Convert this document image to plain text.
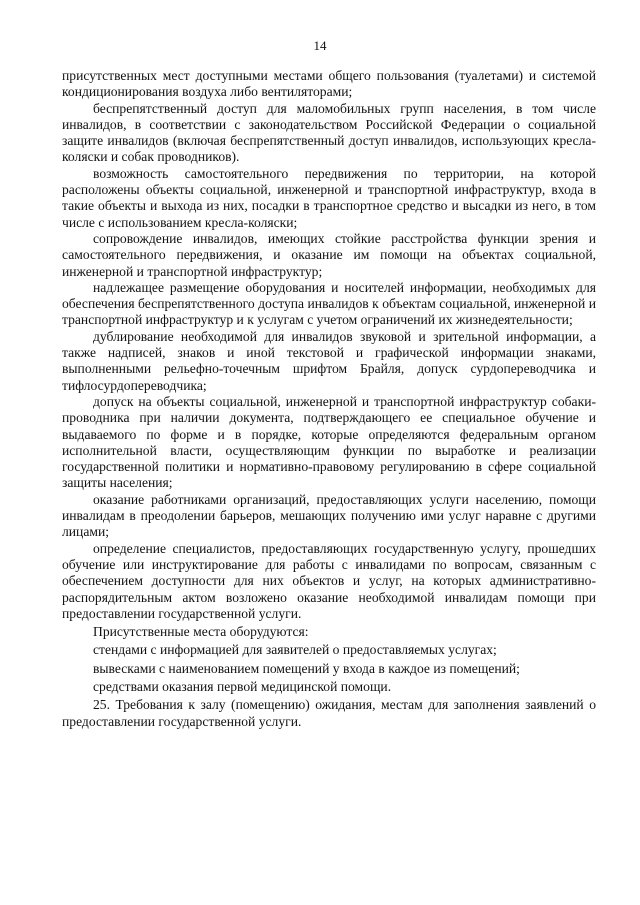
14

присутственных мест доступными местами общего пользования (туалетами) и системой кондиционирования воздуха либо вентиляторами;

беспрепятственный доступ для маломобильных групп населения, в том числе инвалидов, в соответствии с законодательством Российской Федерации о социальной защите инвалидов (включая беспрепятственный доступ инвалидов, использующих кресла-коляски и собак проводников).

возможность самостоятельного передвижения по территории, на которой расположены объекты социальной, инженерной и транспортной инфраструктур, входа в такие объекты и выхода из них, посадки в транспортное средство и высадки из него, в том числе с использованием кресла-коляски;

сопровождение инвалидов, имеющих стойкие расстройства функции зрения и самостоятельного передвижения, и оказание им помощи на объектах социальной, инженерной и транспортной инфраструктур;

надлежащее размещение оборудования и носителей информации, необходимых для обеспечения беспрепятственного доступа инвалидов к объектам социальной, инженерной и транспортной инфраструктур и к услугам с учетом ограничений их жизнедеятельности;

дублирование необходимой для инвалидов звуковой и зрительной информации, а также надписей, знаков и иной текстовой и графической информации знаками, выполненными рельефно-точечным шрифтом Брайля, допуск сурдопереводчика и тифлосурдопереводчика;

допуск на объекты социальной, инженерной и транспортной инфраструктур собаки-проводника при наличии документа, подтверждающего ее специальное обучение и выдаваемого по форме и в порядке, которые определяются федеральным органом исполнительной власти, осуществляющим функции по выработке и реализации государственной политики и нормативно-правовому регулированию в сфере социальной защиты населения;

оказание работниками организаций, предоставляющих услуги населению, помощи инвалидам в преодолении барьеров, мешающих получению ими услуг наравне с другими лицами;

определение специалистов, предоставляющих государственную услугу, прошедших обучение или инструктирование для работы с инвалидами по вопросам, связанным с обеспечением доступности для них объектов и услуг, на которых административно-распорядительным актом возложено оказание необходимой инвалидам помощи при предоставлении государственной услуги.

Присутственные места оборудуются:

стендами с информацией для заявителей о предоставляемых услугах;

вывесками с наименованием помещений у входа в каждое из помещений;

средствами оказания первой медицинской помощи.

25. Требования к залу (помещению) ожидания, местам для заполнения заявлений о предоставлении государственной услуги.
